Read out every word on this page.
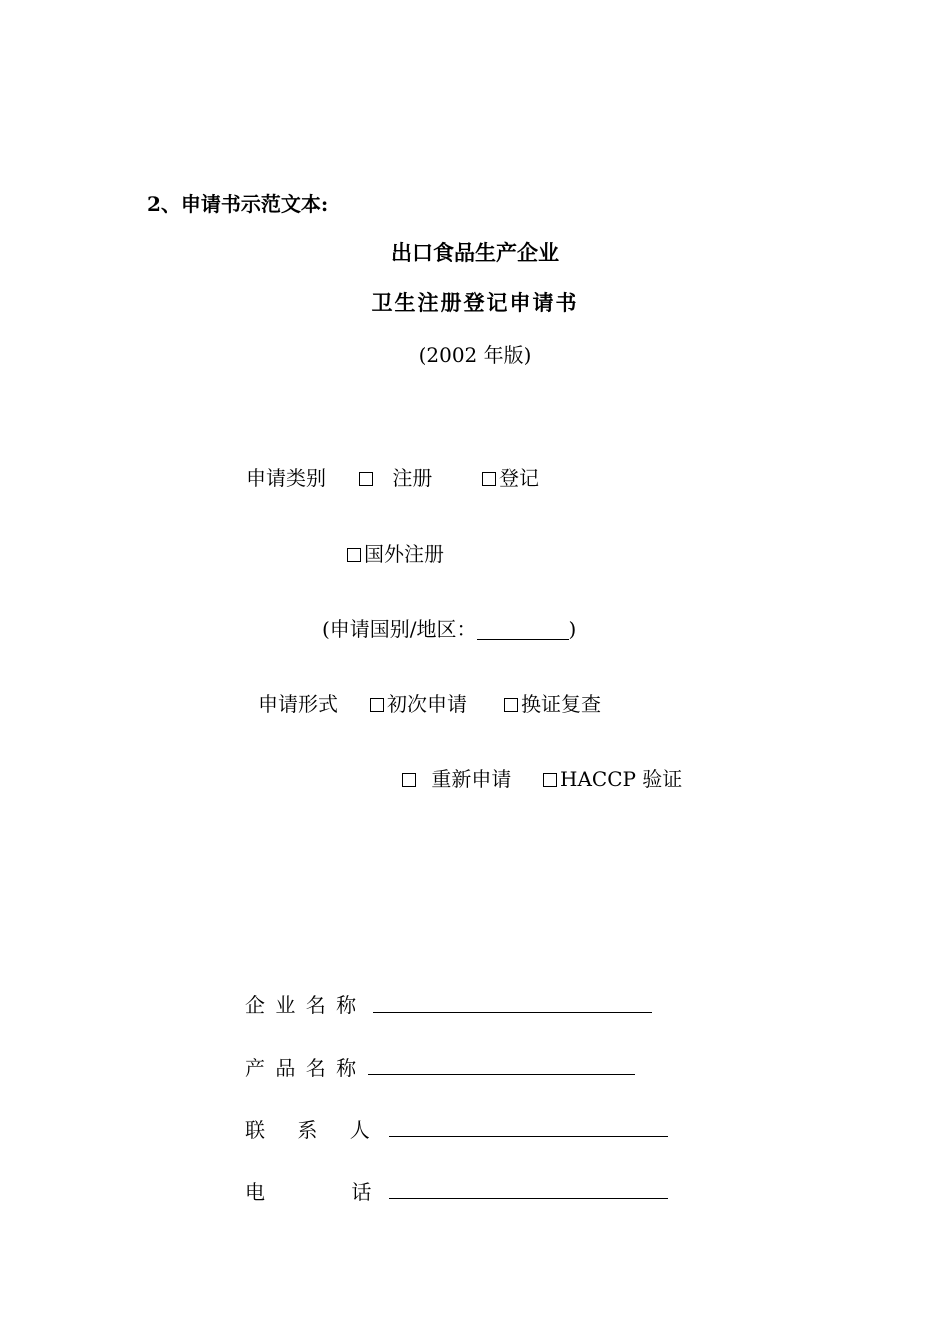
2、申请书示范文本:
出口食品生产企业
卫生注册登记申请书
(2002 年版)
申请类别	注册	登记
国外注册
(申请国别/地区：	)
申请形式	初次申请	换证复查
重新申请	HACCP 验证
企 业 名 称
产 品 名 称
联 系 人
电 话
